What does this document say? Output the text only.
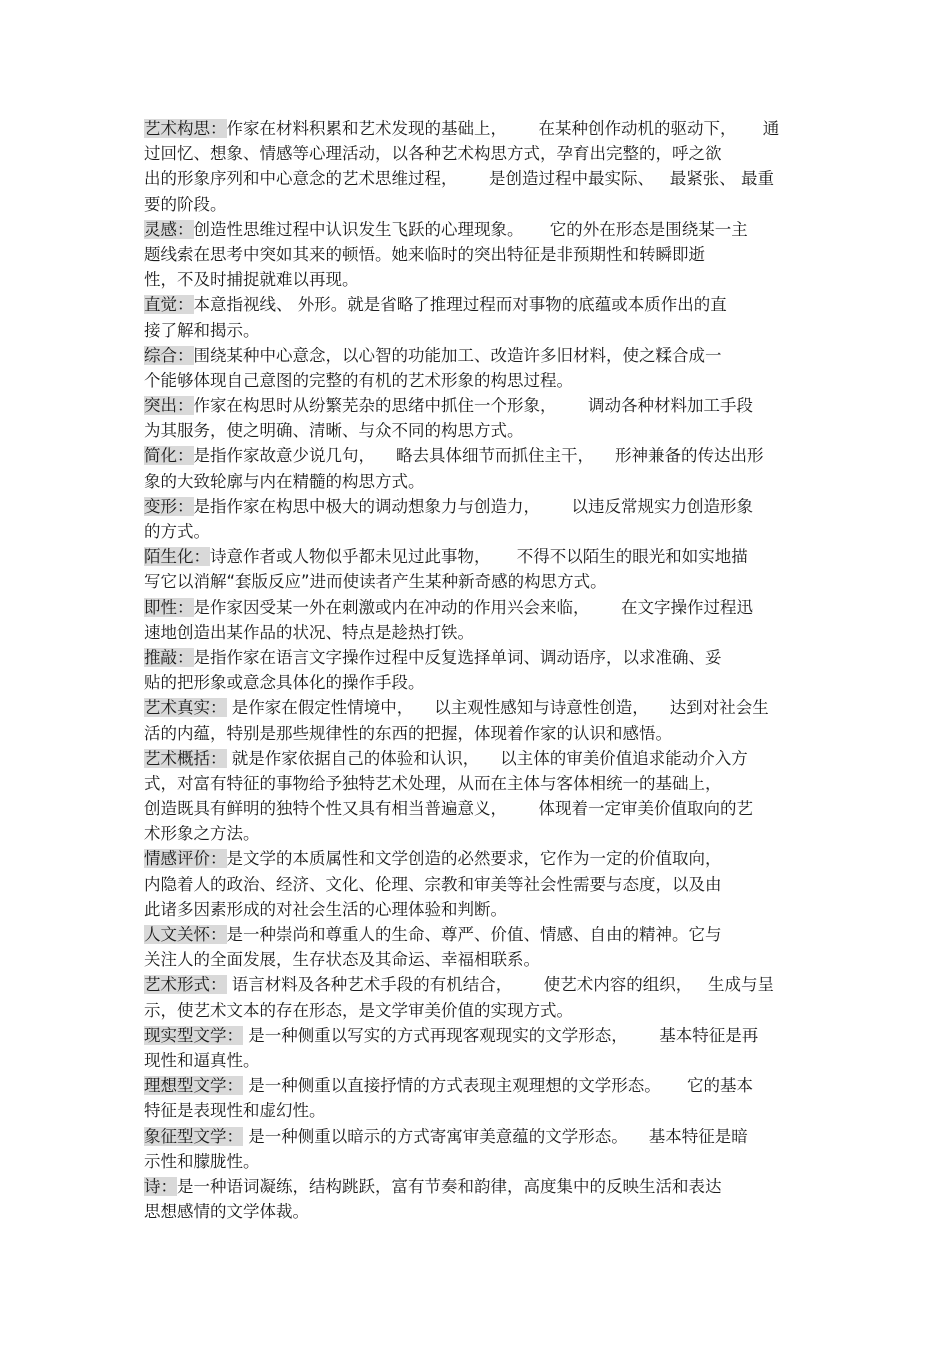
艺术构思：作家在材料积累和艺术发现的基础上，      在某种创作动机的驱动下，     通
过回忆、想象、情感等心理活动，以各种艺术构思方式，孕育出完整的，呼之欲
出的形象序列和中心意念的艺术思维过程，      是创造过程中最实际、   最紧张、 最重
要的阶段。
灵感：创造性思维过程中认识发生飞跃的心理现象。     它的外在形态是围绕某一主
题线索在思考中突如其来的顿悟。她来临时的突出特征是非预期性和转瞬即逝
性，不及时捕捉就难以再现。
直觉：本意指视线、 外形。就是省略了推理过程而对事物的底蕴或本质作出的直
接了解和揭示。
综合：围绕某种中心意念，以心智的功能加工、改造许多旧材料，使之糅合成一
个能够体现自己意图的完整的有机的艺术形象的构思过程。
突出：作家在构思时从纷繁芜杂的思绪中抓住一个形象，      调动各种材料加工手段
为其服务，使之明确、清晰、与众不同的构思方式。
简化：是指作家故意少说几句，    略去具体细节而抓住主干，    形神兼备的传达出形
象的大致轮廓与内在精髓的构思方式。
变形：是指作家在构思中极大的调动想象力与创造力，      以违反常规实力创造形象
的方式。
陌生化：诗意作者或人物似乎都未见过此事物，     不得不以陌生的眼光和如实地描
写它以消解“套版反应”进而使读者产生某种新奇感的构思方式。
即性：是作家因受某一外在刺激或内在冲动的作用兴会来临，      在文字操作过程迅
速地创造出某作品的状况、特点是趁热打铁。
推敲：是指作家在语言文字操作过程中反复选择单词、调动语序，以求准确、妥
贴的把形象或意念具体化的操作手段。
艺术真实： 是作家在假定性情境中，    以主观性感知与诗意性创造，    达到对社会生
活的内蕴，特别是那些规律性的东西的把握，体现着作家的认识和感悟。
艺术概括： 就是作家依据自己的体验和认识，    以主体的审美价值追求能动介入方
式，对富有特征的事物给予独特艺术处理，从而在主体与客体相统一的基础上，
创造既具有鲜明的独特个性又具有相当普遍意义，      体现着一定审美价值取向的艺
术形象之方法。
情感评价：是文学的本质属性和文学创造的必然要求，它作为一定的价值取向，
内隐着人的政治、经济、文化、伦理、宗教和审美等社会性需要与态度，以及由
此诸多因素形成的对社会生活的心理体验和判断。
人文关怀：是一种崇尚和尊重人的生命、尊严、价值、情感、自由的精神。它与
关注人的全面发展，生存状态及其命运、幸福相联系。
艺术形式： 语言材料及各种艺术手段的有机结合，      使艺术内容的组织，   生成与呈
示，使艺术文本的存在形态，是文学审美价值的实现方式。
现实型文学： 是一种侧重以写实的方式再现客观现实的文学形态，      基本特征是再
现性和逼真性。
理想型文学： 是一种侧重以直接抒情的方式表现主观理想的文学形态。     它的基本
特征是表现性和虚幻性。
象征型文学： 是一种侧重以暗示的方式寄寓审美意蕴的文学形态。    基本特征是暗
示性和朦胧性。
诗：是一种语词凝练，结构跳跃，富有节奏和韵律，高度集中的反映生活和表达
思想感情的文学体裁。
